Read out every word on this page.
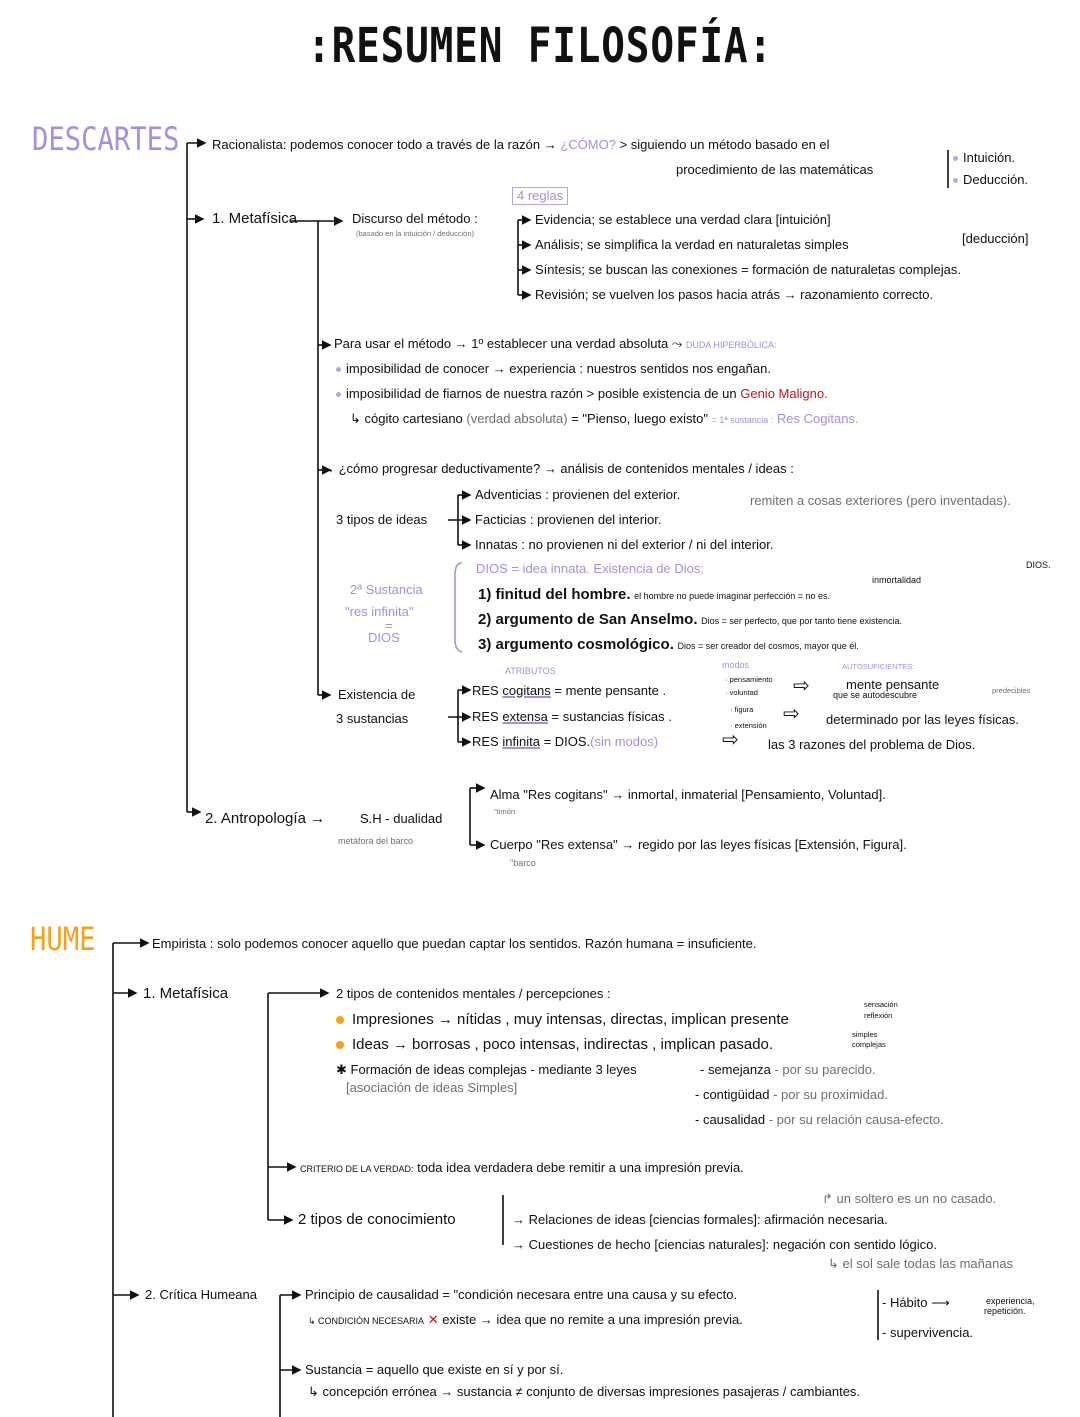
:RESUMEN FILOSOFÍA:
DESCARTES	Racionalista: podemos conocer todo a través de la razón → ¿CÓMO? > siguiendo un método basado en el
procedimiento de las matemáticas
Intuición.
Deducción.
1. Metafísica	Discurso del método :
(basado en la intuición / deducción)
4 reglas
Evidencia; se establece una verdad clara [intuición]
Análisis; se simplifica la verdad en naturaletas simples
Síntesis; se buscan las conexiones = formación de naturaletas complejas.
Revisión; se vuelven los pasos hacia atrás → razonamiento correcto.
[deducción]
Para usar el método → 1º establecer una verdad absoluta ⤳ DUDA HIPERBÓLICA:
imposibilidad de conocer → experiencia : nuestros sentidos nos engañan.
imposibilidad de fiarnos de nuestra razón > posible existencia de un Genio Maligno.
↳ cógito cartesiano (verdad absoluta) = "Pienso, luego existo" = 1ª sustancia : Res Cogitans.
→ ¿cómo progresar deductivamente? → análisis de contenidos mentales / ideas :
3 tipos de ideas
Adventicias : provienen del exterior.
Facticias : provienen del interior.
Innatas : no provienen ni del exterior / ni del interior.
remiten a cosas exteriores (pero inventadas).
2ª Sustancia
"res infinita"
=
DIOS
DIOS = idea innata. Existencia de Dios:
inmortalidad
DIOS.
1) finitud del hombre. el hombre no puede imaginar perfección = no es.
2) argumento de San Anselmo. Dios = ser perfecto, que por tanto tiene existencia.
3) argumento cosmológico. Dios = ser creador del cosmos, mayor que él.
Existencia de
3 sustancias
ATRIBUTOS
modos	AUTOSUFICIENTES:
predecibles
RES cogitans = mente pensante .
· pensamiento
· voluntad ⇨	mente pensante
que se autodescubre
RES extensa = sustancias físicas .	· figura
· extensión
⇨ determinado por las leyes físicas.
RES infinita = DIOS.(sin modos)	⇨ las 3 razones del problema de Dios.
2. Antropología →	S.H - dualidad
metáfora del barco
Alma "Res cogitans" → inmortal, inmaterial [Pensamiento, Voluntad].
"timón
Cuerpo "Res extensa" → regido por las leyes físicas [Extensión, Figura].
"barco
HUME	Empirista : solo podemos conocer aquello que puedan captar los sentidos. Razón humana = insuficiente.
1. Metafísica	2 tipos de contenidos mentales / percepciones :
Impresiones → nítidas , muy intensas, directas, implican presente
sensación
reflexión
Ideas → borrosas , poco intensas, indirectas , implican pasado.
simples
complejas
✱ Formación de ideas complejas - mediante 3 leyes
[asociación de ideas Simples]
- semejanza - por su parecido.
- contigüidad - por su proximidad.
- causalidad - por su relación causa-efecto.
CRITERIO DE LA VERDAD: toda idea verdadera debe remitir a una impresión previa.
2 tipos de conocimiento
↱ un soltero es un no casado.
→ Relaciones de ideas [ciencias formales]: afirmación necesaria.
→ Cuestiones de hecho [ciencias naturales]: negación con sentido lógico.
↳ el sol sale todas las mañanas
2. Crítica Humeana	Principio de causalidad = "condición necesara entre una causa y su efecto.
↳ CONDICIÓN NECESARIA ✕ existe → idea que no remite a una impresión previa.
- Hábito ⟶	experiencia,
repetición.
- supervivencia.
Sustancia = aquello que existe en sí y por sí.
↳ concepción errónea → sustancia ≠ conjunto de diversas impresiones pasajeras / cambiantes.
